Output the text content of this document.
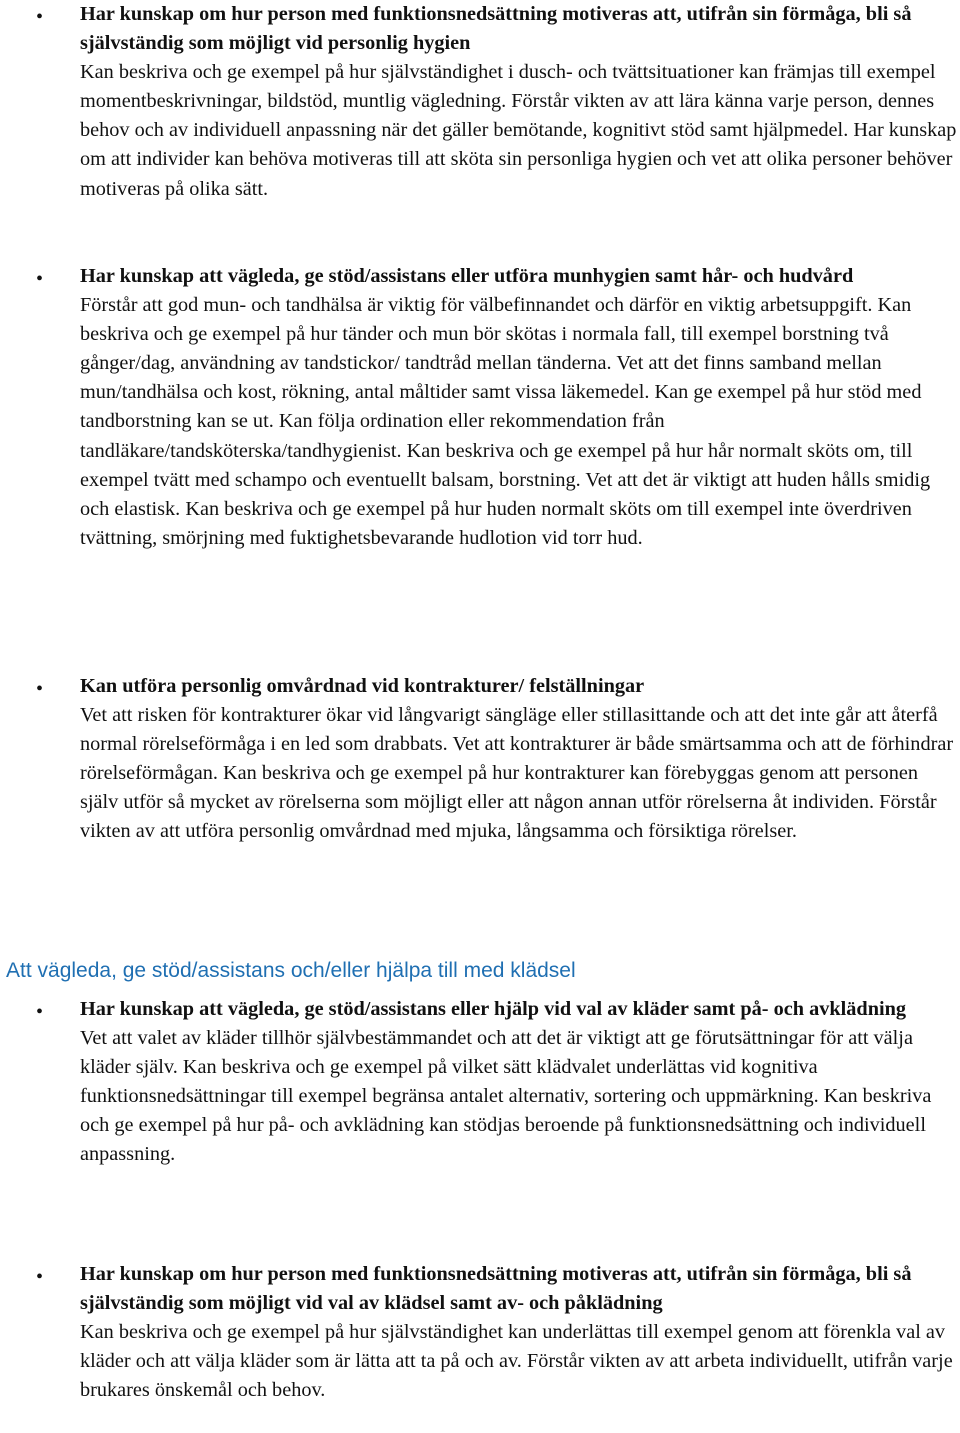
• Har kunskap om hur person med funktionsnedsättning motiveras att, utifrån sin förmåga, bli så självständig som möjligt vid personlig hygien
Kan beskriva och ge exempel på hur självständighet i dusch- och tvättsituationer kan främjas till exempel momentbeskrivningar, bildstöd, muntlig vägledning. Förstår vikten av att lära känna varje person, dennes behov och av individuell anpassning när det gäller bemötande, kognitivt stöd samt hjälpmedel. Har kunskap om att individer kan behöva motiveras till att sköta sin personliga hygien och vet att olika personer behöver motiveras på olika sätt.
• Har kunskap att vägleda, ge stöd/assistans eller utföra munhygien samt hår- och hudvård
Förstår att god mun- och tandhälsa är viktig för välbefinnandet och därför en viktig arbetsuppgift. Kan beskriva och ge exempel på hur tänder och mun bör skötas i normala fall, till exempel borstning två gånger/dag, användning av tandstickor/ tandtråd mellan tänderna. Vet att det finns samband mellan mun/tandhälsa och kost, rökning, antal måltider samt vissa läkemedel. Kan ge exempel på hur stöd med tandborstning kan se ut. Kan följa ordination eller rekommendation från tandläkare/tandsköterska/tandhygienist. Kan beskriva och ge exempel på hur hår normalt sköts om, till exempel tvätt med schampo och eventuellt balsam, borstning. Vet att det är viktigt att huden hålls smidig och elastisk. Kan beskriva och ge exempel på hur huden normalt sköts om till exempel inte överdriven tvättning, smörjning med fuktighetsbevarande hudlotion vid torr hud.
• Kan utföra personlig omvårdnad vid kontrakturer/ felställningar
Vet att risken för kontrakturer ökar vid långvarigt sängläge eller stillasittande och att det inte går att återfå normal rörelseförmåga i en led som drabbats. Vet att kontrakturer är både smärtsamma och att de förhindrar rörelseförmågan. Kan beskriva och ge exempel på hur kontrakturer kan förebyggas genom att personen själv utför så mycket av rörelserna som möjligt eller att någon annan utför rörelserna åt individen. Förstår vikten av att utföra personlig omvårdnad med mjuka, långsamma och försiktiga rörelser.
Att vägleda, ge stöd/assistans och/eller hjälpa till med klädsel
• Har kunskap att vägleda, ge stöd/assistans eller hjälp vid val av kläder samt på- och avklädning
Vet att valet av kläder tillhör självbestämmandet och att det är viktigt att ge förutsättningar för att välja kläder själv. Kan beskriva och ge exempel på vilket sätt klädvalet underlättas vid kognitiva funktionsnedsättningar till exempel begränsa antalet alternativ, sortering och uppmärkning. Kan beskriva och ge exempel på hur på- och avklädning kan stödjas beroende på funktionsnedsättning och individuell anpassning.
• Har kunskap om hur person med funktionsnedsättning motiveras att, utifrån sin förmåga, bli så självständig som möjligt vid val av klädsel samt av- och påklädning
Kan beskriva och ge exempel på hur självständighet kan underlättas till exempel genom att förenkla val av kläder och att välja kläder som är lätta att ta på och av. Förstår vikten av att arbeta individuellt, utifrån varje brukares önskemål och behov.
